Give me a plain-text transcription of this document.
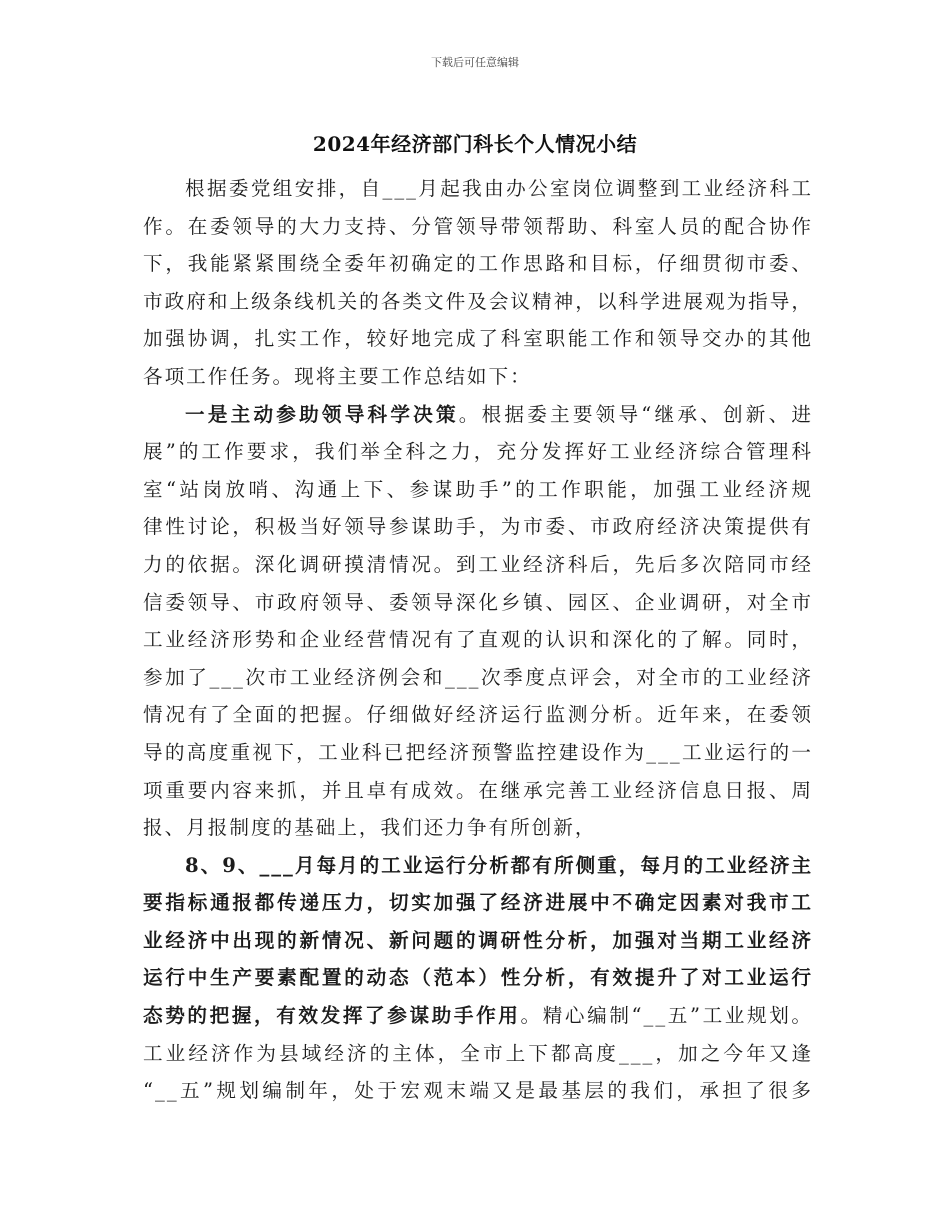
下载后可任意编辑
2024年经济部门科长个人情况小结
根据委党组安排，自___月起我由办公室岗位调整到工业经济科工
作。在委领导的大力支持、分管领导带领帮助、科室人员的配合协作
下，我能紧紧围绕全委年初确定的工作思路和目标，仔细贯彻市委、
市政府和上级条线机关的各类文件及会议精神，以科学进展观为指导，
加强协调，扎实工作，较好地完成了科室职能工作和领导交办的其他
各项工作任务。现将主要工作总结如下：
一是主动参助领导科学决策。根据委主要领导“继承、创新、进
展”的工作要求，我们举全科之力，充分发挥好工业经济综合管理科
室“站岗放哨、沟通上下、参谋助手”的工作职能，加强工业经济规
律性讨论，积极当好领导参谋助手，为市委、市政府经济决策提供有
力的依据。深化调研摸清情况。到工业经济科后，先后多次陪同市经
信委领导、市政府领导、委领导深化乡镇、园区、企业调研，对全市
工业经济形势和企业经营情况有了直观的认识和深化的了解。同时，
参加了___次市工业经济例会和___次季度点评会，对全市的工业经济
情况有了全面的把握。仔细做好经济运行监测分析。近年来，在委领
导的高度重视下，工业科已把经济预警监控建设作为___工业运行的一
项重要内容来抓，并且卓有成效。在继承完善工业经济信息日报、周
报、月报制度的基础上，我们还力争有所创新，
8、9、___月每月的工业运行分析都有所侧重，每月的工业经济主
要指标通报都传递压力，切实加强了经济进展中不确定因素对我市工
业经济中出现的新情况、新问题的调研性分析，加强对当期工业经济
运行中生产要素配置的动态（范本）性分析，有效提升了对工业运行
态势的把握，有效发挥了参谋助手作用。精心编制“__五”工业规划。
工业经济作为县域经济的主体，全市上下都高度___，加之今年又逢
“__五”规划编制年，处于宏观末端又是最基层的我们，承担了很多
